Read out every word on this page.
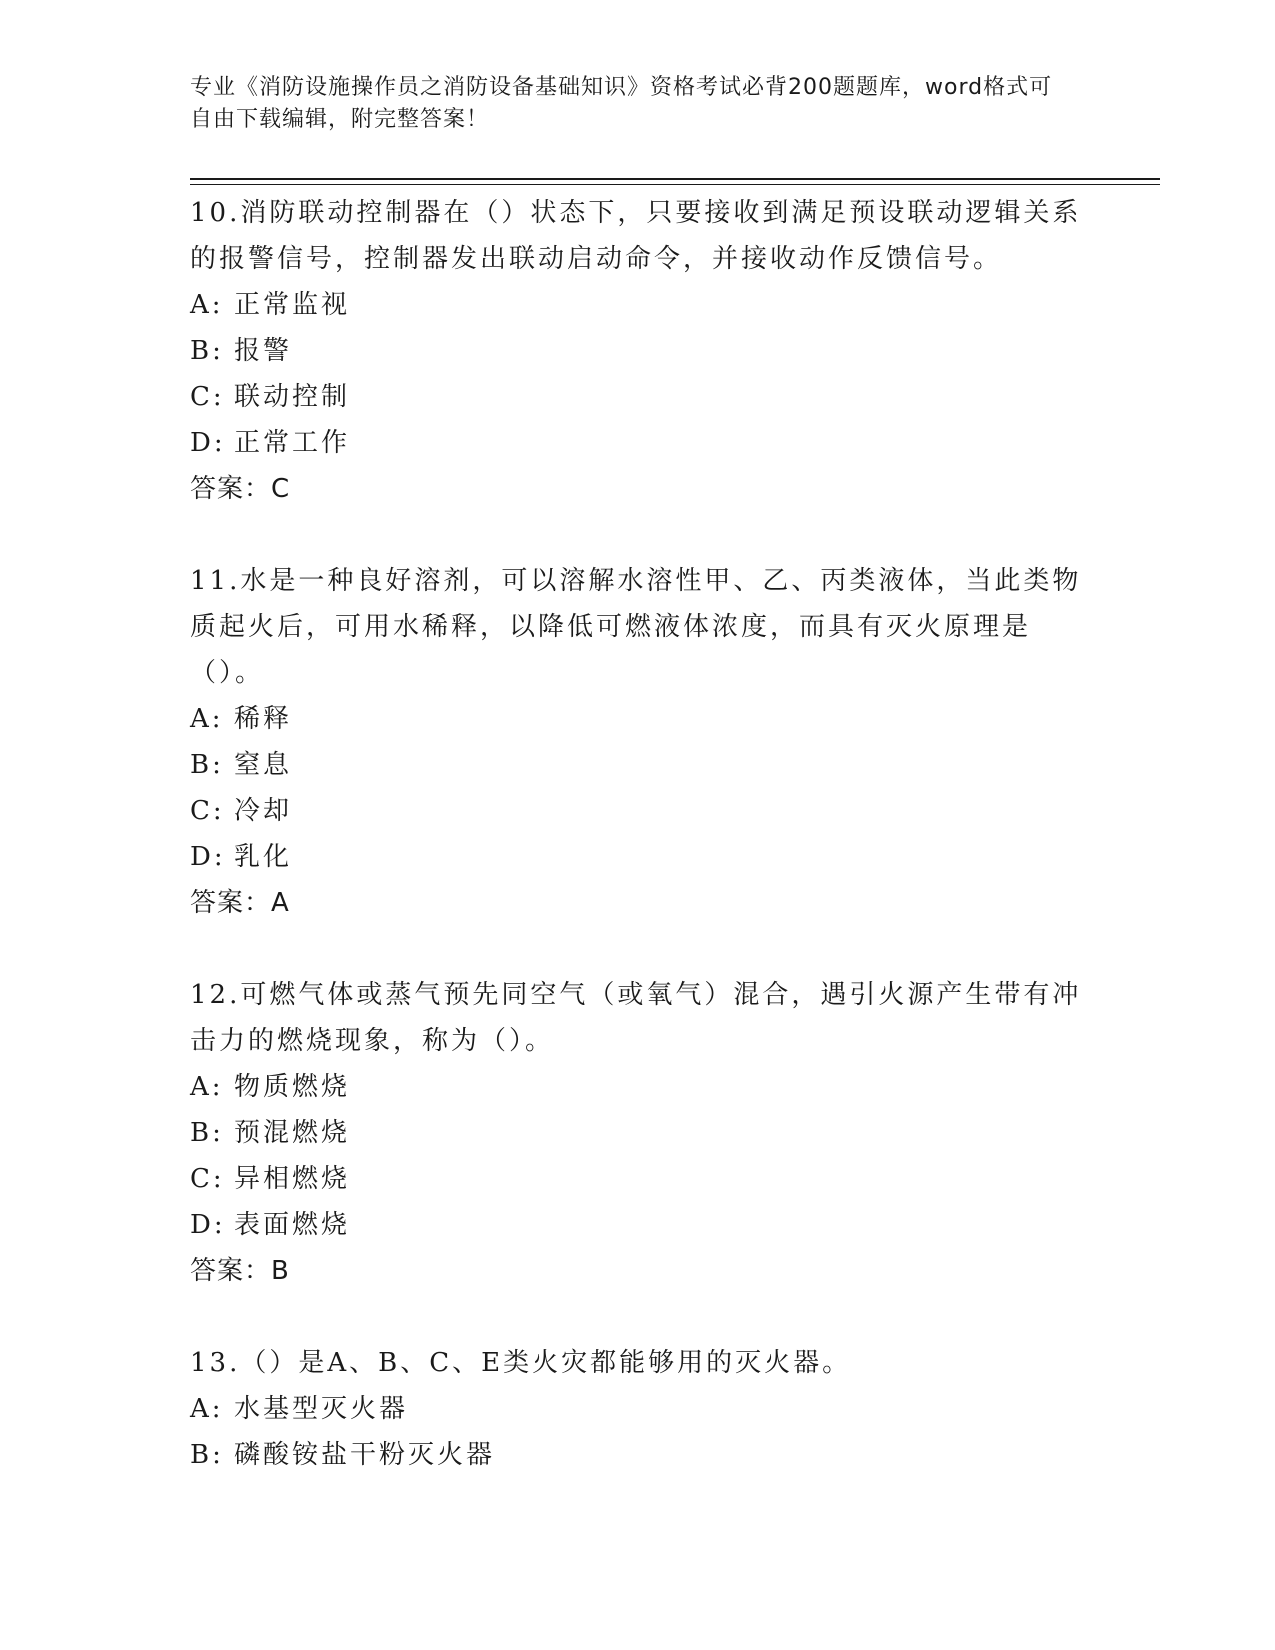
专业《消防设施操作员之消防设备基础知识》资格考试必背200题题库，word格式可自由下载编辑，附完整答案！

10.消防联动控制器在（）状态下，只要接收到满足预设联动逻辑关系的报警信号，控制器发出联动启动命令，并接收动作反馈信号。

A: 正常监视
B: 报警
C: 联动控制
D: 正常工作
答案：C

11.水是一种良好溶剂，可以溶解水溶性甲、乙、丙类液体，当此类物质起火后，可用水稀释，以降低可燃液体浓度，而具有灭火原理是（）。

A: 稀释
B: 窒息
C: 冷却
D: 乳化
答案：A

12.可燃气体或蒸气预先同空气（或氧气）混合，遇引火源产生带有冲击力的燃烧现象，称为（）。

A: 物质燃烧
B: 预混燃烧
C: 异相燃烧
D: 表面燃烧
答案：B

13.（）是A、B、C、E类火灾都能够用的灭火器。

A: 水基型灭火器
B: 磷酸铵盐干粉灭火器
